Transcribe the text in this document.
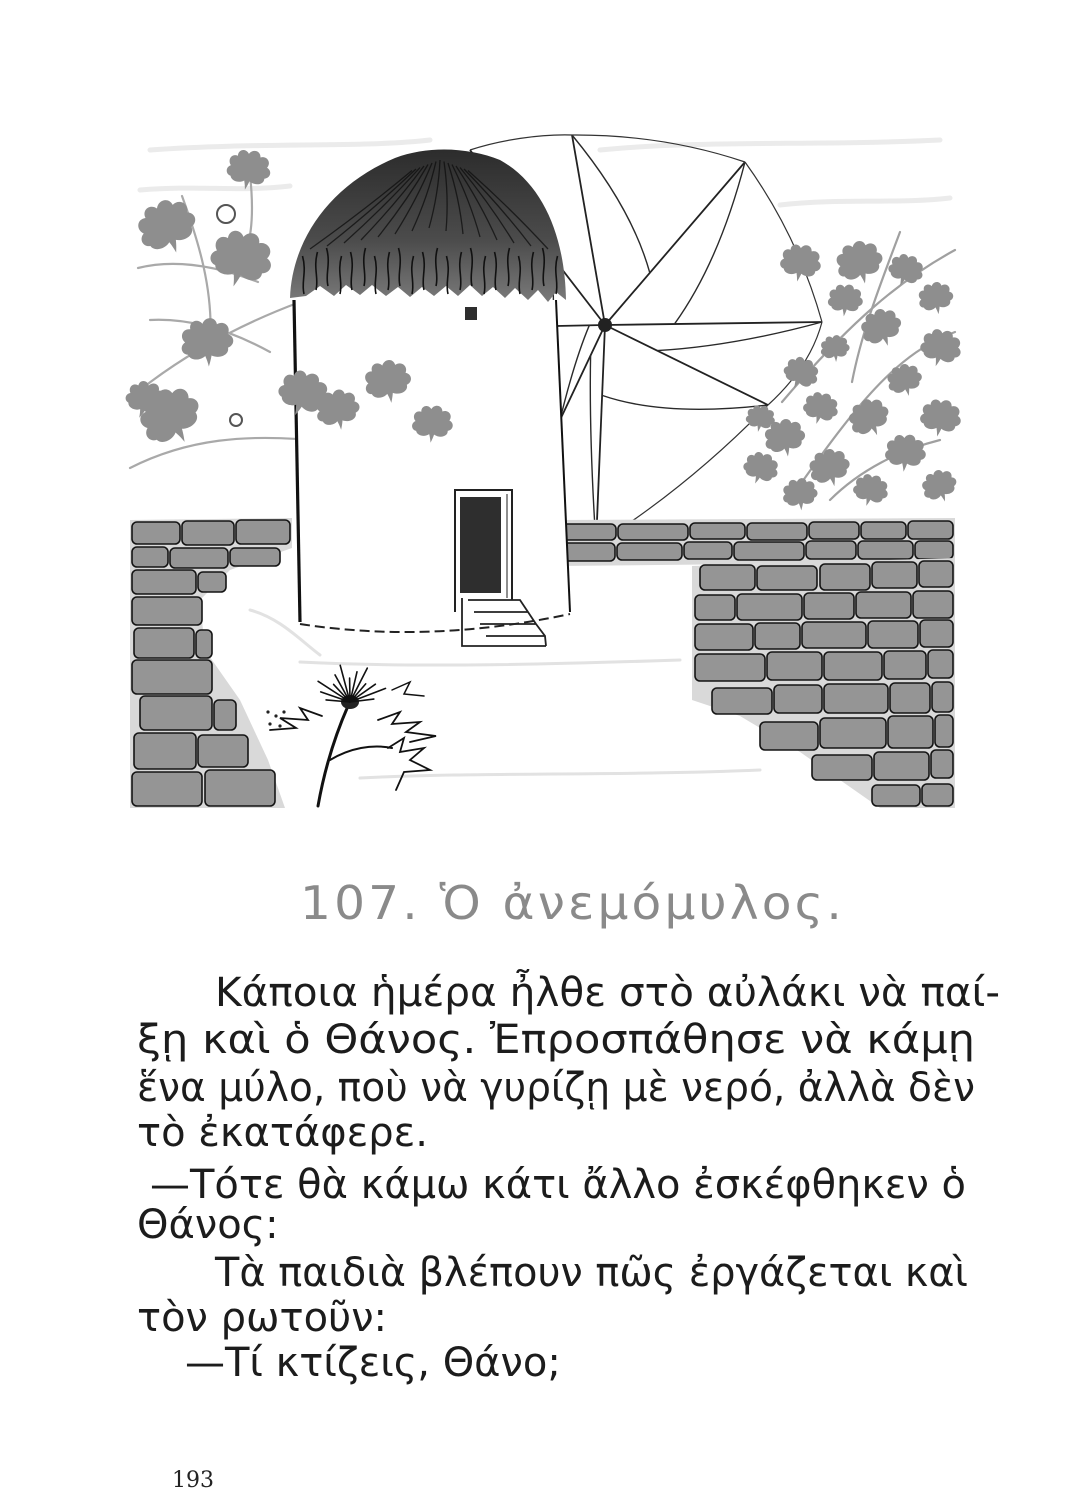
107. Ὁ ἀνεμόμυλος.
Κάποια ἡμέρα ἦλθε στὸ αὐλάκι νὰ παί-
ξῃ καὶ ὁ Θάνος. Ἐπροσπάθησε νὰ κάμῃ
ἕνα μύλο, ποὺ νὰ γυρίζῃ μὲ νερό, ἀλλὰ δὲν
τὸ ἐκατάφερε.
—Τότε θὰ κάμω κάτι ἄλλο ἐσκέφθηκεν ὁ
Θάνος:
Τὰ παιδιὰ βλέπουν πῶς ἐργάζεται καὶ
τὸν ρωτοῦν:
—Τί κτίζεις, Θάνο;
193
